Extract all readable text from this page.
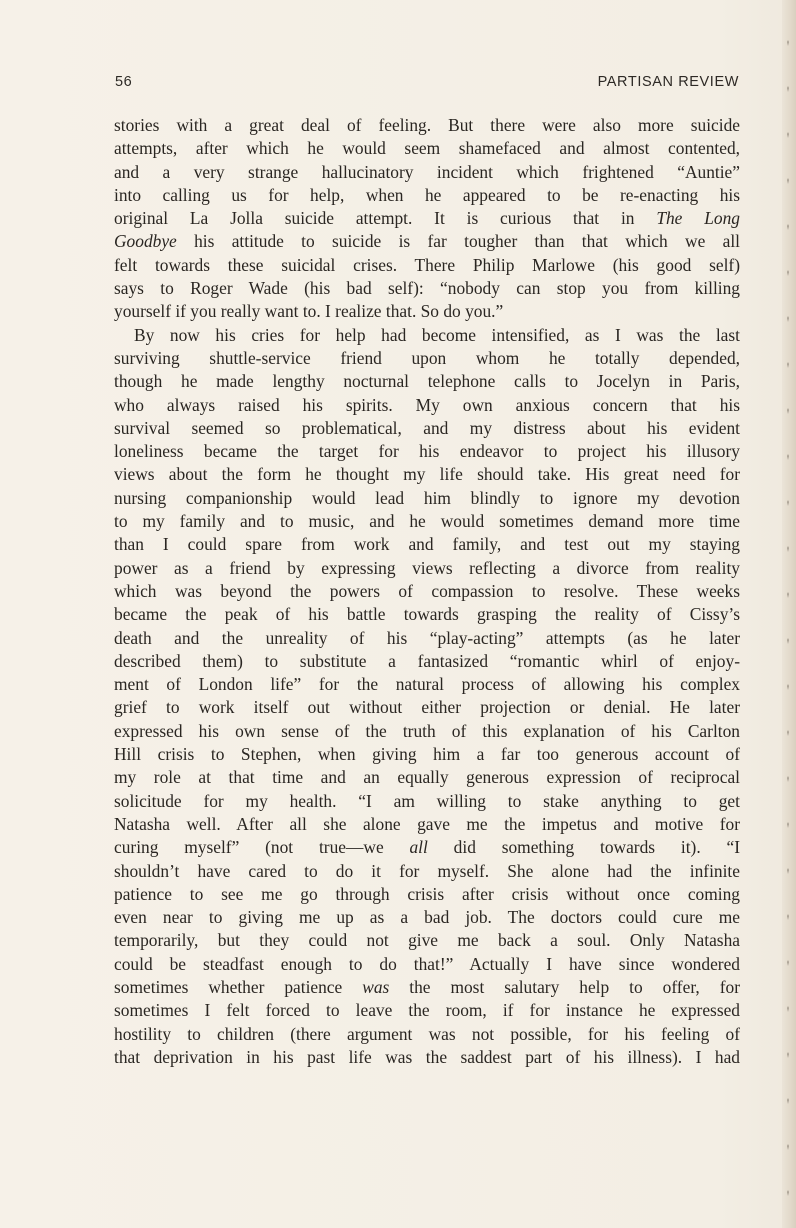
56	PARTISAN REVIEW
stories with a great deal of feeling. But there were also more suicide
attempts, after which he would seem shamefaced and almost contented,
and a very strange hallucinatory incident which frightened “Auntie”
into calling us for help, when he appeared to be re-enacting his
original La Jolla suicide attempt. It is curious that in The Long
Goodbye his attitude to suicide is far tougher than that which we all
felt towards these suicidal crises. There Philip Marlowe (his good self)
says to Roger Wade (his bad self): “nobody can stop you from killing
yourself if you really want to. I realize that. So do you.”
By now his cries for help had become intensified, as I was the last
surviving shuttle-service friend upon whom he totally depended,
though he made lengthy nocturnal telephone calls to Jocelyn in Paris,
who always raised his spirits. My own anxious concern that his
survival seemed so problematical, and my distress about his evident
loneliness became the target for his endeavor to project his illusory
views about the form he thought my life should take. His great need for
nursing companionship would lead him blindly to ignore my devotion
to my family and to music, and he would sometimes demand more time
than I could spare from work and family, and test out my staying
power as a friend by expressing views reflecting a divorce from reality
which was beyond the powers of compassion to resolve. These weeks
became the peak of his battle towards grasping the reality of Cissy’s
death and the unreality of his “play-acting” attempts (as he later
described them) to substitute a fantasized “romantic whirl of enjoy-
ment of London life” for the natural process of allowing his complex
grief to work itself out without either projection or denial. He later
expressed his own sense of the truth of this explanation of his Carlton
Hill crisis to Stephen, when giving him a far too generous account of
my role at that time and an equally generous expression of reciprocal
solicitude for my health. “I am willing to stake anything to get
Natasha well. After all she alone gave me the impetus and motive for
curing myself” (not true—we all did something towards it). “I
shouldn’t have cared to do it for myself. She alone had the infinite
patience to see me go through crisis after crisis without once coming
even near to giving me up as a bad job. The doctors could cure me
temporarily, but they could not give me back a soul. Only Natasha
could be steadfast enough to do that!” Actually I have since wondered
sometimes whether patience was the most salutary help to offer, for
sometimes I felt forced to leave the room, if for instance he expressed
hostility to children (there argument was not possible, for his feeling of
that deprivation in his past life was the saddest part of his illness). I had
